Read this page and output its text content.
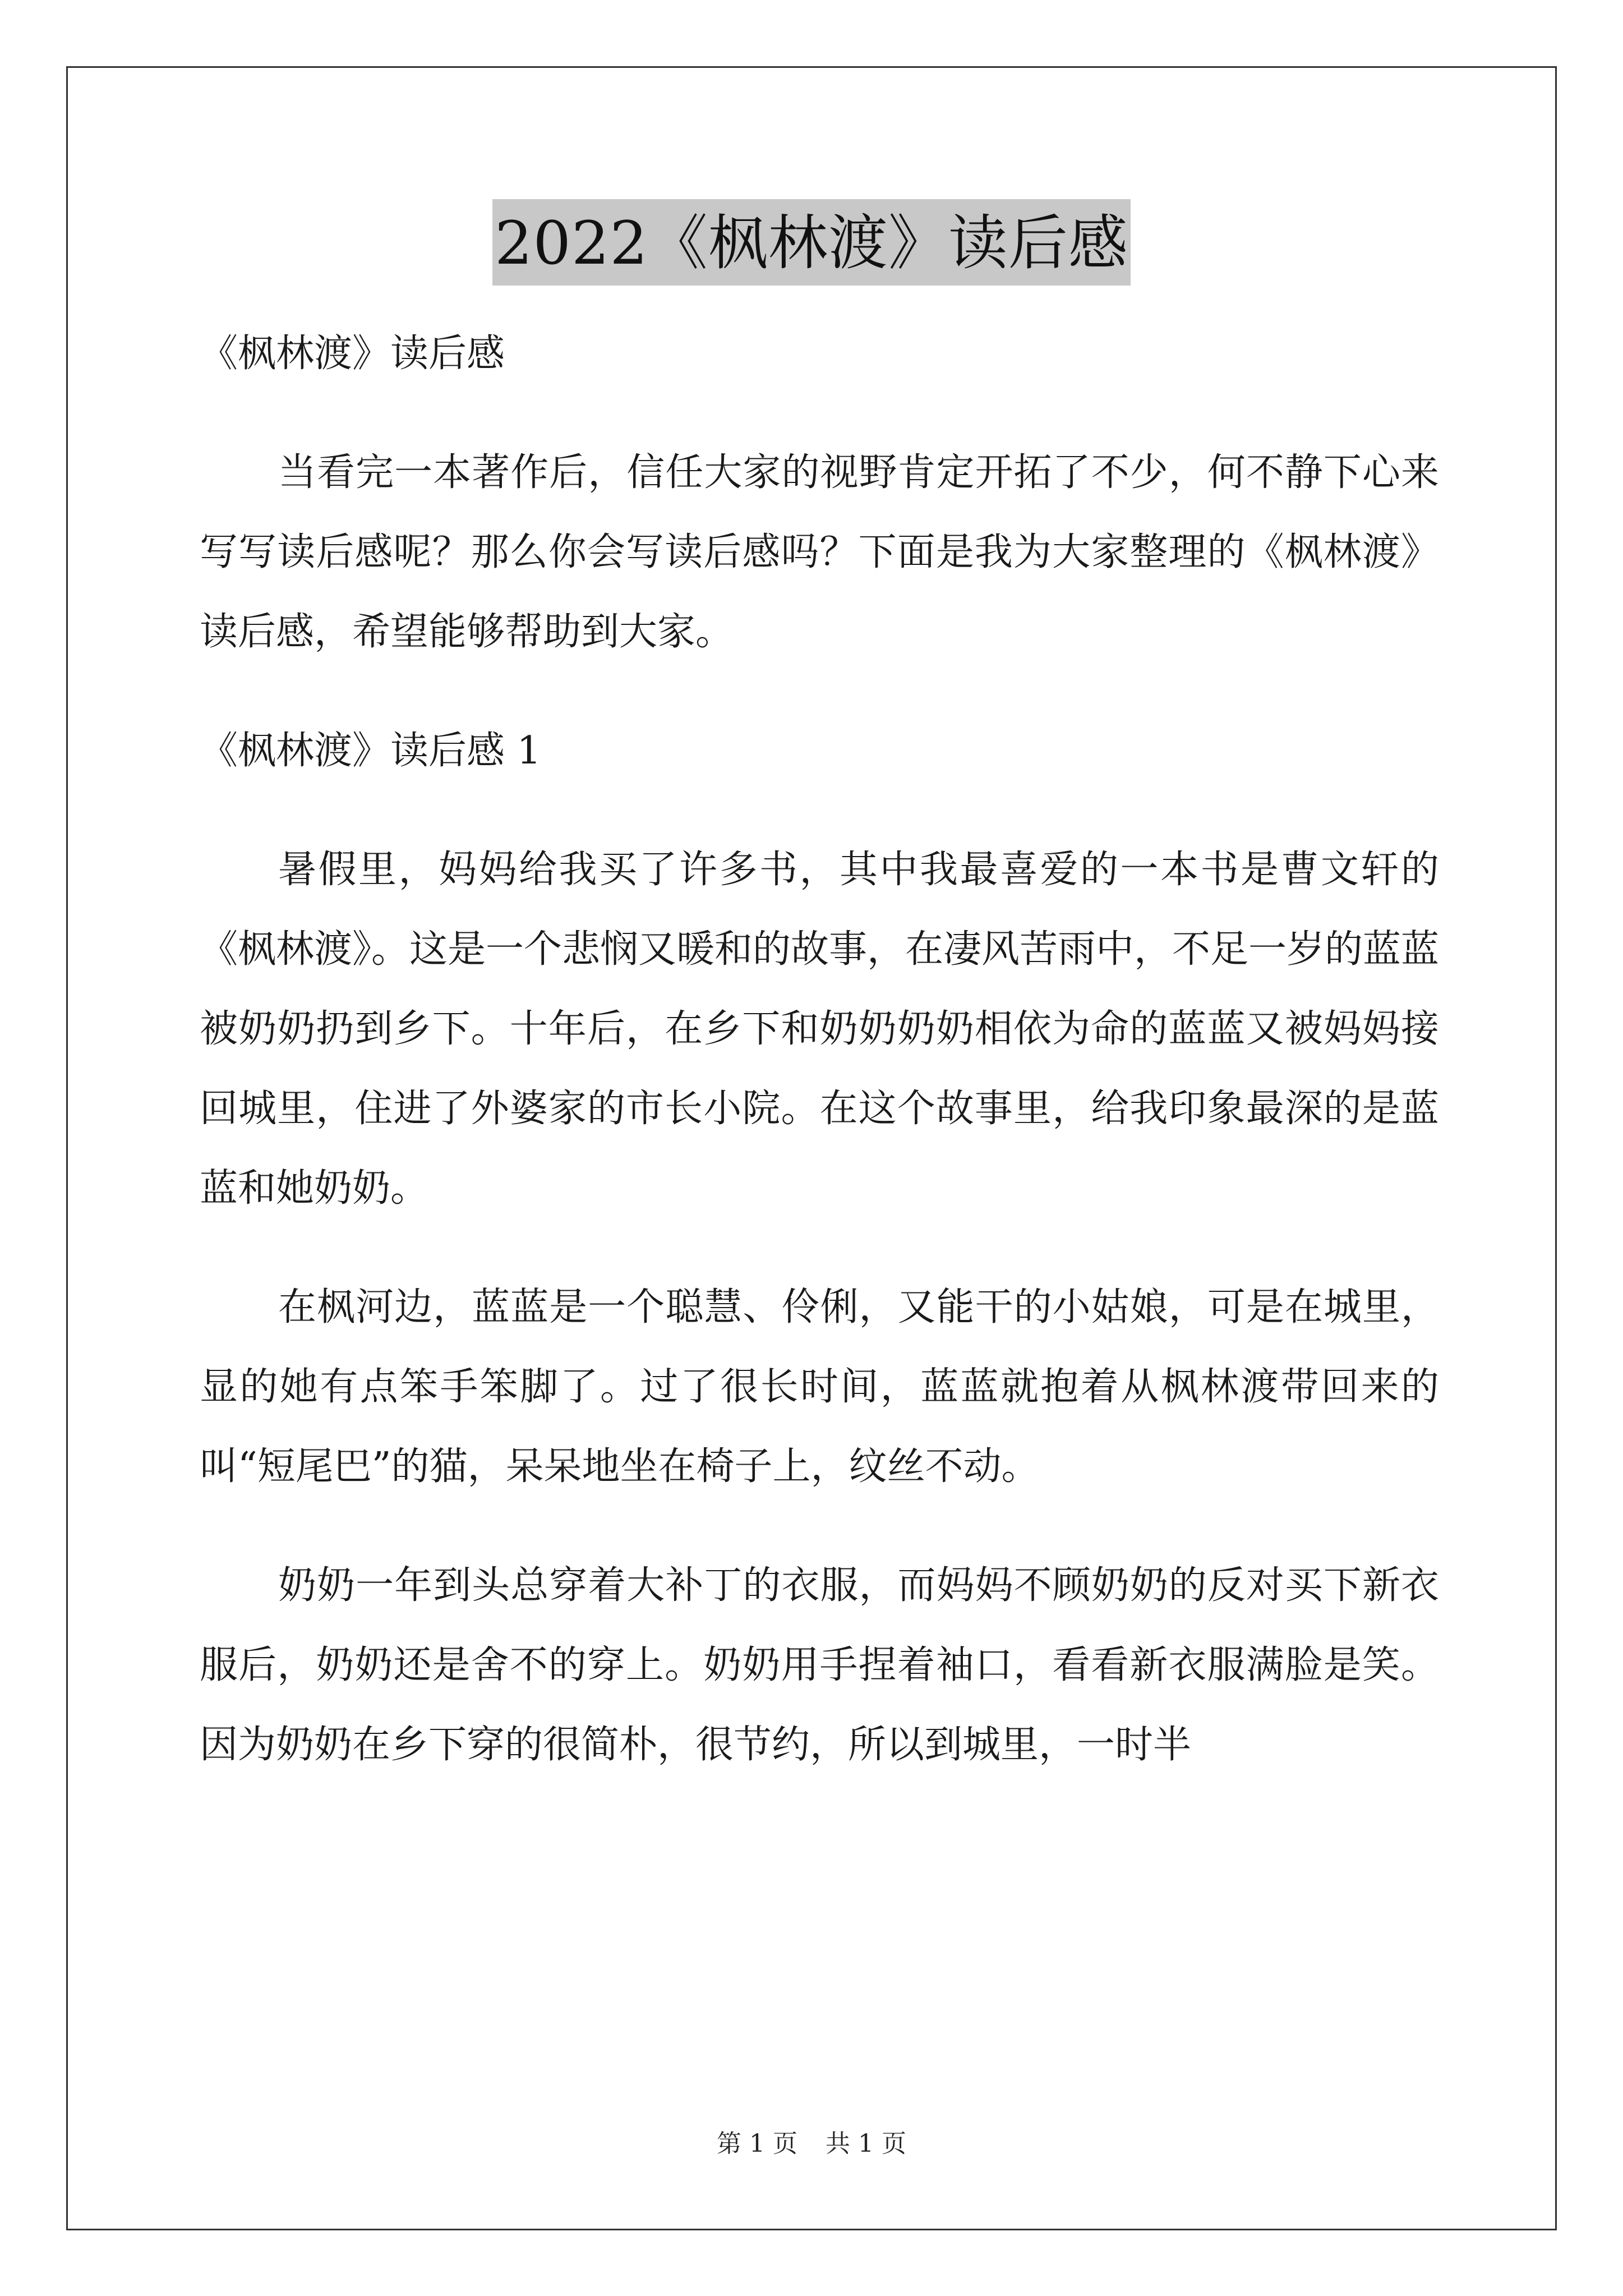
2022《枫林渡》读后感

《枫林渡》读后感

当看完一本著作后，信任大家的视野肯定开拓了不少，何不静下心来写写读后感呢？那么你会写读后感吗？下面是我为大家整理的《枫林渡》读后感，希望能够帮助到大家。

《枫林渡》读后感 1

暑假里，妈妈给我买了许多书，其中我最喜爱的一本书是曹文轩的《枫林渡》。这是一个悲悯又暖和的故事，在凄风苦雨中，不足一岁的蓝蓝被奶奶扔到乡下。十年后，在乡下和奶奶奶奶相依为命的蓝蓝又被妈妈接回城里，住进了外婆家的市长小院。在这个故事里，给我印象最深的是蓝蓝和她奶奶。

在枫河边，蓝蓝是一个聪慧、伶俐，又能干的小姑娘，可是在城里，显的她有点笨手笨脚了。过了很长时间，蓝蓝就抱着从枫林渡带回来的叫“短尾巴”的猫，呆呆地坐在椅子上，纹丝不动。

奶奶一年到头总穿着大补丁的衣服，而妈妈不顾奶奶的反对买下新衣服后，奶奶还是舍不的穿上。奶奶用手捏着袖口，看看新衣服满脸是笑。因为奶奶在乡下穿的很简朴，很节约，所以到城里，一时半

第 1 页 共 1 页
